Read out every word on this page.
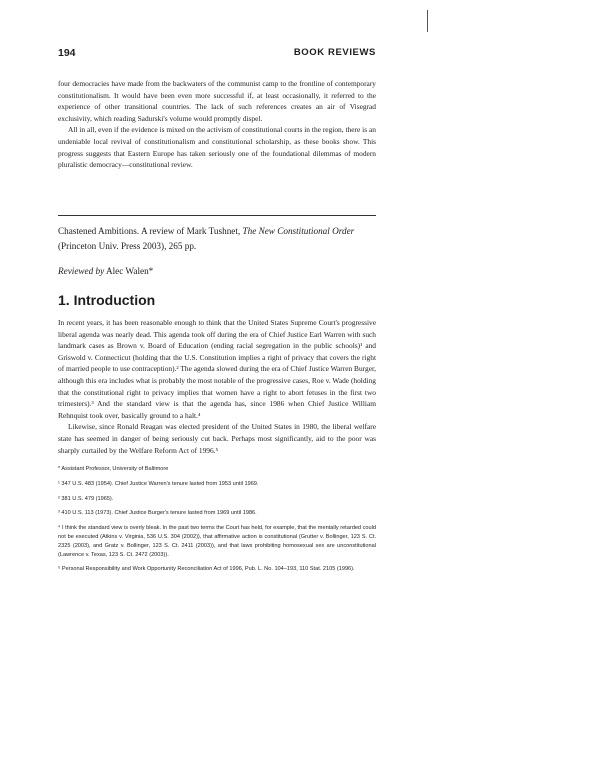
194	BOOK REVIEWS

four democracies have made from the backwaters of the communist camp to the frontline of contemporary constitutionalism. It would have been even more successful if, at least occasionally, it referred to the experience of other transitional countries. The lack of such references creates an air of Visegrad exclusivity, which reading Sadurski's volume would promptly dispel.

All in all, even if the evidence is mixed on the activism of constitutional courts in the region, there is an undeniable local revival of constitutionalism and constitutional scholarship, as these books show. This progress suggests that Eastern Europe has taken seriously one of the foundational dilemmas of modern pluralistic democracy—constitutional review.

Chastened Ambitions. A review of Mark Tushnet, The New Constitutional Order (Princeton Univ. Press 2003), 265 pp.
Reviewed by Alec Walen*
1. Introduction

In recent years, it has been reasonable enough to think that the United States Supreme Court's progressive liberal agenda was nearly dead. This agenda took off during the era of Chief Justice Earl Warren with such landmark cases as Brown v. Board of Education (ending racial segregation in the public schools)¹ and Griswold v. Connecticut (holding that the U.S. Constitution implies a right of privacy that covers the right of married people to use contraception).² The agenda slowed during the era of Chief Justice Warren Burger, although this era includes what is probably the most notable of the progressive cases, Roe v. Wade (holding that the constitutional right to privacy implies that women have a right to abort fetuses in the first two trimesters).³ And the standard view is that the agenda has, since 1986 when Chief Justice William Rehnquist took over, basically ground to a halt.⁴

Likewise, since Ronald Reagan was elected president of the United States in 1980, the liberal welfare state has seemed in danger of being seriously cut back. Perhaps most significantly, aid to the poor was sharply curtailed by the Welfare Reform Act of 1996.⁵

* Assistant Professor, University of Baltimore

¹ 347 U.S. 483 (1954). Chief Justice Warren's tenure lasted from 1953 until 1969.

² 381 U.S. 479 (1965).

³ 410 U.S. 113 (1973). Chief Justice Burger's tenure lasted from 1969 until 1986.

⁴ I think the standard view is overly bleak. In the past two terms the Court has held, for example, that the mentally retarded could not be executed (Atkins v. Virginia, 536 U.S. 304 (2002)), that affirmative action is constitutional (Grutter v. Bollinger, 123 S. Ct. 2325 (2003), and Gratz v. Bollinger, 123 S. Ct. 2411 (2003)), and that laws prohibiting homosexual sex are unconstitutional (Lawrence v. Texas, 123 S. Ct. 2472 (2003)).

⁵ Personal Responsibility and Work Opportunity Reconciliation Act of 1996, Pub. L. No. 104–193, 110 Stat. 2105 (1996).
